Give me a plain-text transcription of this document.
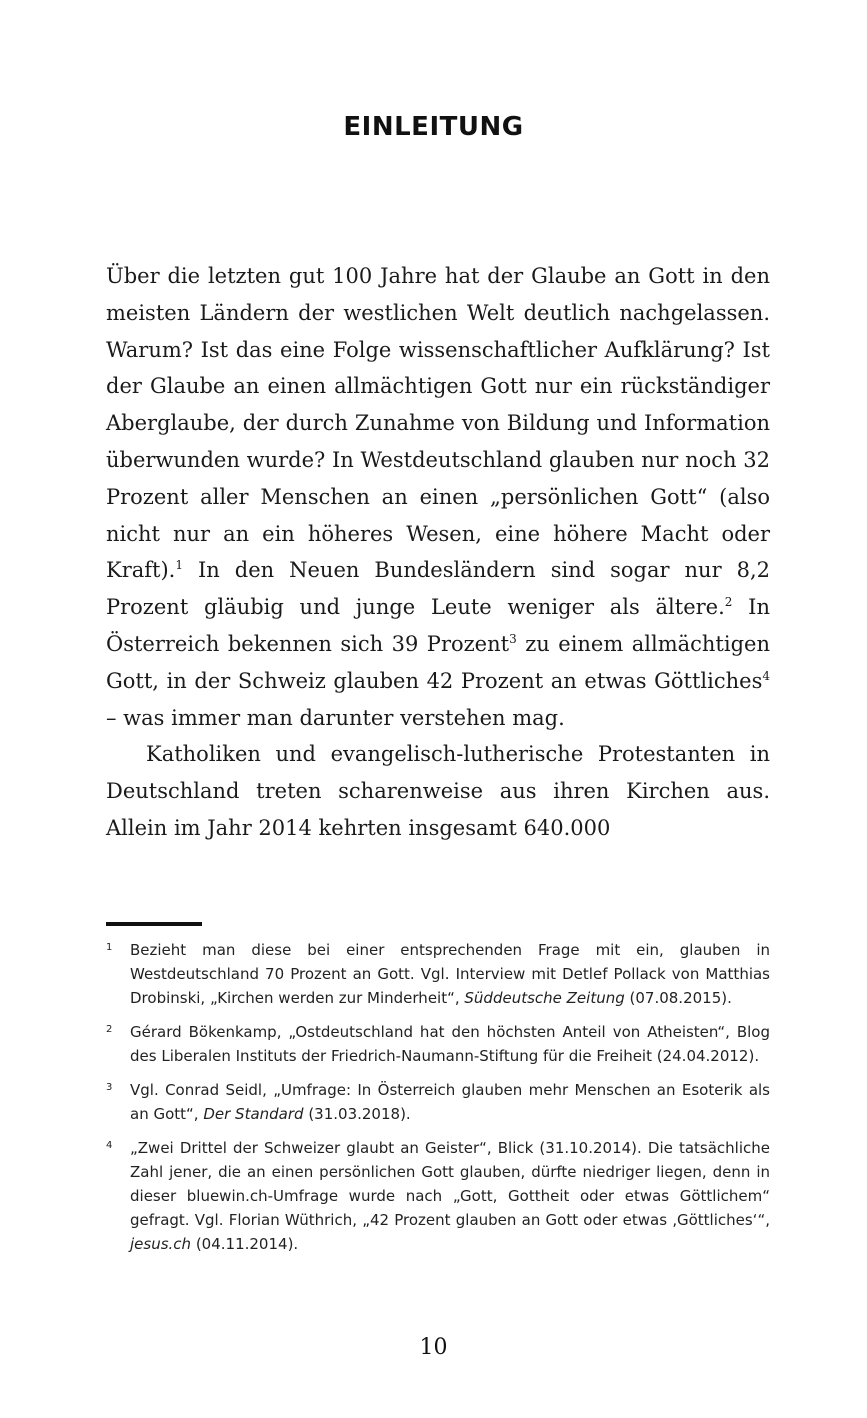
EINLEITUNG

Über die letzten gut 100 Jahre hat der Glaube an Gott in den meisten Ländern der westlichen Welt deutlich nachgelassen. Warum? Ist das eine Folge wissenschaftlicher Aufklärung? Ist der Glaube an einen allmächtigen Gott nur ein rückständiger Aberglaube, der durch Zunahme von Bildung und Information überwunden wurde? In Westdeutschland glauben nur noch 32 Prozent aller Menschen an einen „persönlichen Gott“ (also nicht nur an ein höheres Wesen, eine höhere Macht oder Kraft).$^1$ In den Neuen Bundesländern sind sogar nur 8,2 Prozent gläubig und junge Leute weniger als ältere.$^2$ In Österreich bekennen sich 39 Prozent$^3$ zu einem allmächtigen Gott, in der Schweiz glauben 42 Prozent an etwas Göttliches$^4$ – was immer man darunter verstehen mag.

Katholiken und evangelisch-lutherische Protestanten in Deutschland treten scharenweise aus ihren Kirchen aus. Allein im Jahr 2014 kehrten insgesamt 640.000

1 Bezieht man diese bei einer entsprechenden Frage mit ein, glauben in Westdeutschland 70 Prozent an Gott. Vgl. Interview mit Detlef Pollack von Matthias Drobinski, „Kirchen werden zur Minderheit“, Süddeutsche Zeitung (07.08.2015).
2 Gérard Bökenkamp, „Ostdeutschland hat den höchsten Anteil von Atheisten“, Blog des Liberalen Instituts der Friedrich-Naumann-Stiftung für die Freiheit (24.04.2012).
3 Vgl. Conrad Seidl, „Umfrage: In Österreich glauben mehr Menschen an Esoterik als an Gott“, Der Standard (31.03.2018).
4 „Zwei Drittel der Schweizer glaubt an Geister“, Blick (31.10.2014). Die tatsächliche Zahl jener, die an einen persönlichen Gott glauben, dürfte niedriger liegen, denn in dieser bluewin.ch-Umfrage wurde nach „Gott, Gottheit oder etwas Göttlichem“ gefragt. Vgl. Florian Wüthrich, „42 Prozent glauben an Gott oder etwas ‚Göttliches‘“, jesus.ch (04.11.2014).
10
